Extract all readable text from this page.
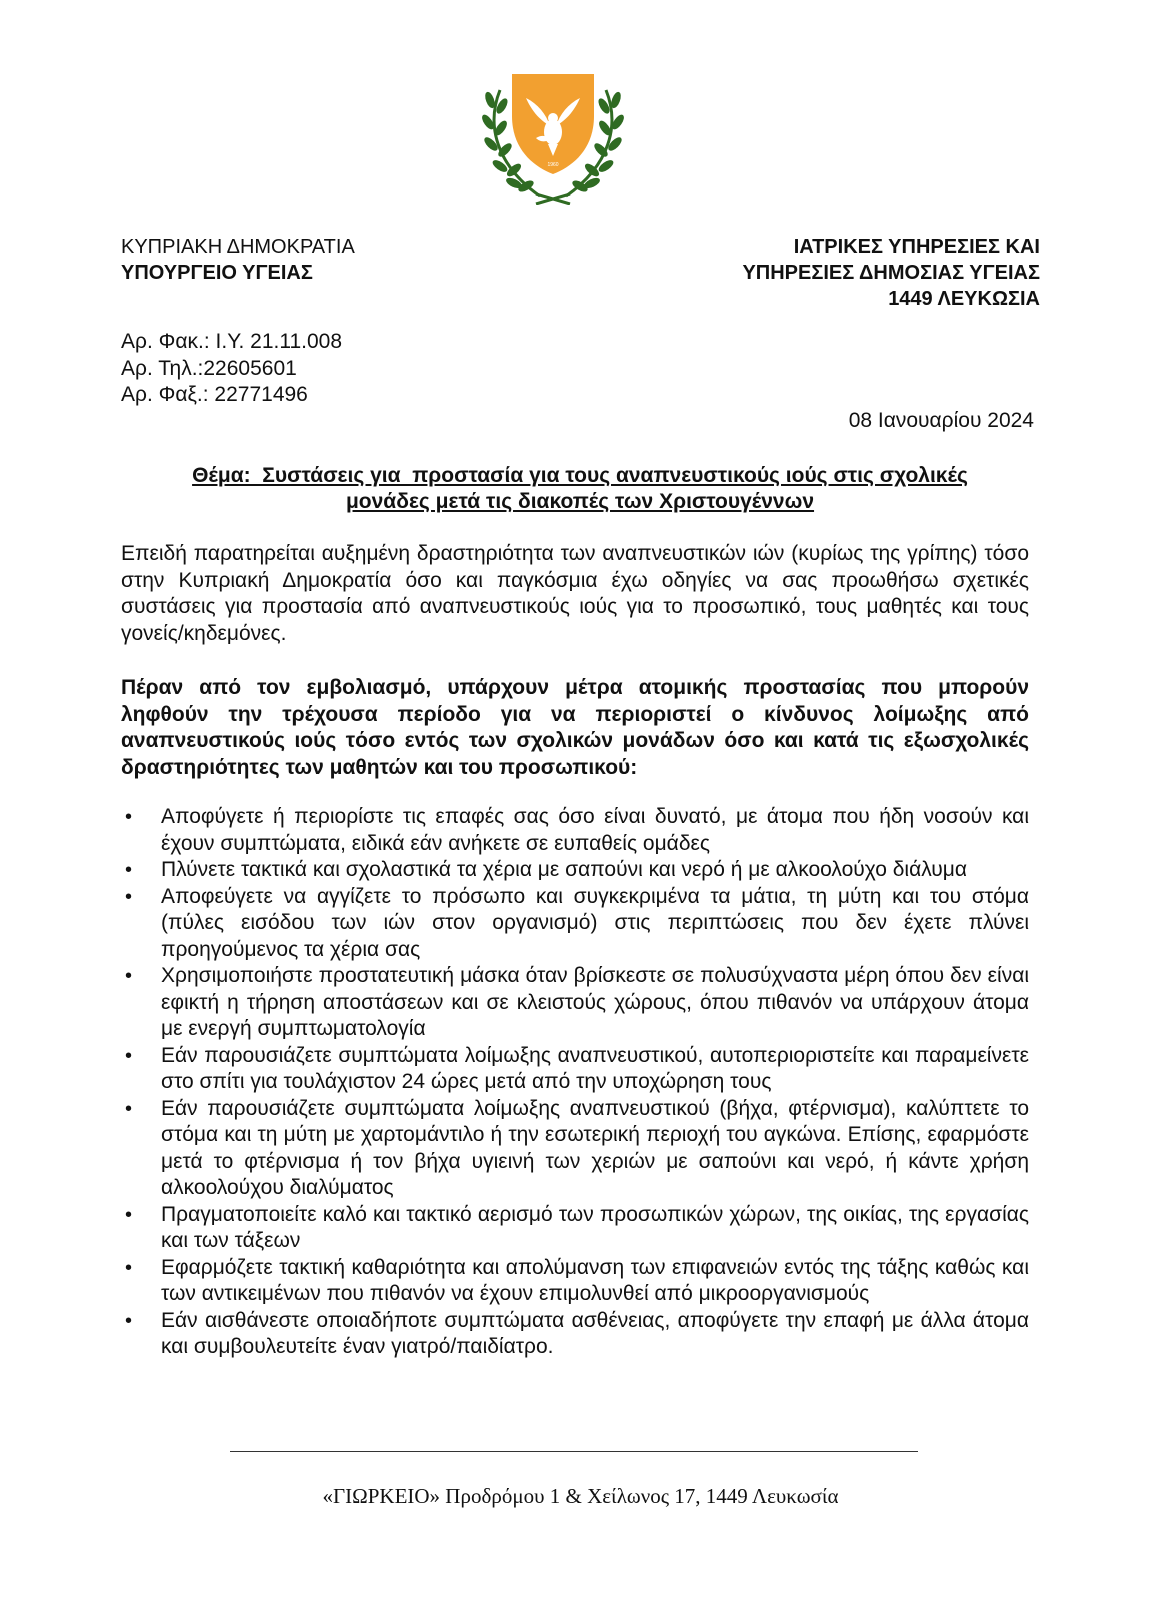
1960
ΚΥΠΡΙΑΚΗ ΔΗΜΟΚΡΑΤΙΑ
ΥΠΟΥΡΓΕΙΟ ΥΓΕΙΑΣ
ΙΑΤΡΙΚΕΣ ΥΠΗΡΕΣΙΕΣ ΚΑΙ
ΥΠΗΡΕΣΙΕΣ ΔΗΜΟΣΙΑΣ ΥΓΕΙΑΣ
1449 ΛΕΥΚΩΣΙΑ
Αρ. Φακ.: Ι.Υ. 21.11.008
Αρ. Τηλ.:22605601
Αρ. Φαξ.: 22771496
08 Ιανουαρίου 2024
Θέμα:  Συστάσεις για  προστασία για τους αναπνευστικούς ιούς στις σχολικές
μονάδες μετά τις διακοπές των Χριστουγέννων

Επειδή παρατηρείται αυξημένη δραστηριότητα των αναπνευστικών ιών (κυρίως της γρίπης) τόσο στην Κυπριακή Δημοκρατία όσο και παγκόσμια έχω οδηγίες να σας προωθήσω σχετικές συστάσεις για προστασία από αναπνευστικούς ιούς για το προσωπικό, τους μαθητές και τους γονείς/κηδεμόνες.

Πέραν από τον εμβολιασμό, υπάρχουν μέτρα ατομικής προστασίας που μπορούν ληφθούν την τρέχουσα περίοδο για να περιοριστεί ο κίνδυνος λοίμωξης από αναπνευστικούς ιούς τόσο εντός των σχολικών μονάδων όσο και κατά τις εξωσχολικές δραστηριότητες των μαθητών και του προσωπικού:

• Αποφύγετε ή περιορίστε τις επαφές σας όσο είναι δυνατό, με άτομα που ήδη νοσούν και έχουν συμπτώματα, ειδικά εάν ανήκετε σε ευπαθείς ομάδες
• Πλύνετε τακτικά και σχολαστικά τα χέρια με σαπούνι και νερό ή με αλκοολούχο διάλυμα
• Αποφεύγετε να αγγίζετε το πρόσωπο και συγκεκριμένα τα μάτια, τη μύτη και του στόμα (πύλες εισόδου των ιών στον οργανισμό) στις περιπτώσεις που δεν έχετε πλύνει προηγούμενος τα χέρια σας
• Χρησιμοποιήστε προστατευτική μάσκα όταν βρίσκεστε σε πολυσύχναστα μέρη όπου δεν είναι εφικτή η τήρηση αποστάσεων και σε κλειστούς χώρους, όπου πιθανόν να υπάρχουν άτομα με ενεργή συμπτωματολογία
• Εάν παρουσιάζετε συμπτώματα λοίμωξης αναπνευστικού, αυτοπεριοριστείτε και παραμείνετε στο σπίτι για τουλάχιστον 24 ώρες μετά από την υποχώρηση τους
• Εάν παρουσιάζετε συμπτώματα λοίμωξης αναπνευστικού (βήχα, φτέρνισμα), καλύπτετε το στόμα και τη μύτη με χαρτομάντιλο ή την εσωτερική περιοχή του αγκώνα. Επίσης, εφαρμόστε μετά το φτέρνισμα ή τον βήχα υγιεινή των χεριών με σαπούνι και νερό, ή κάντε χρήση αλκοολούχου διαλύματος
• Πραγματοποιείτε καλό και τακτικό αερισμό των προσωπικών χώρων, της οικίας, της εργασίας και των τάξεων
• Εφαρμόζετε τακτική καθαριότητα και απολύμανση των επιφανειών εντός της τάξης καθώς και των αντικειμένων που πιθανόν να έχουν επιμολυνθεί από μικροοργανισμούς
• Εάν αισθάνεστε οποιαδήποτε συμπτώματα ασθένειας, αποφύγετε την επαφή με άλλα άτομα και συμβουλευτείτε έναν γιατρό/παιδίατρο.
«ΓΙΩΡΚΕΙΟ» Προδρόμου 1 & Χείλωνος 17, 1449 Λευκωσία
